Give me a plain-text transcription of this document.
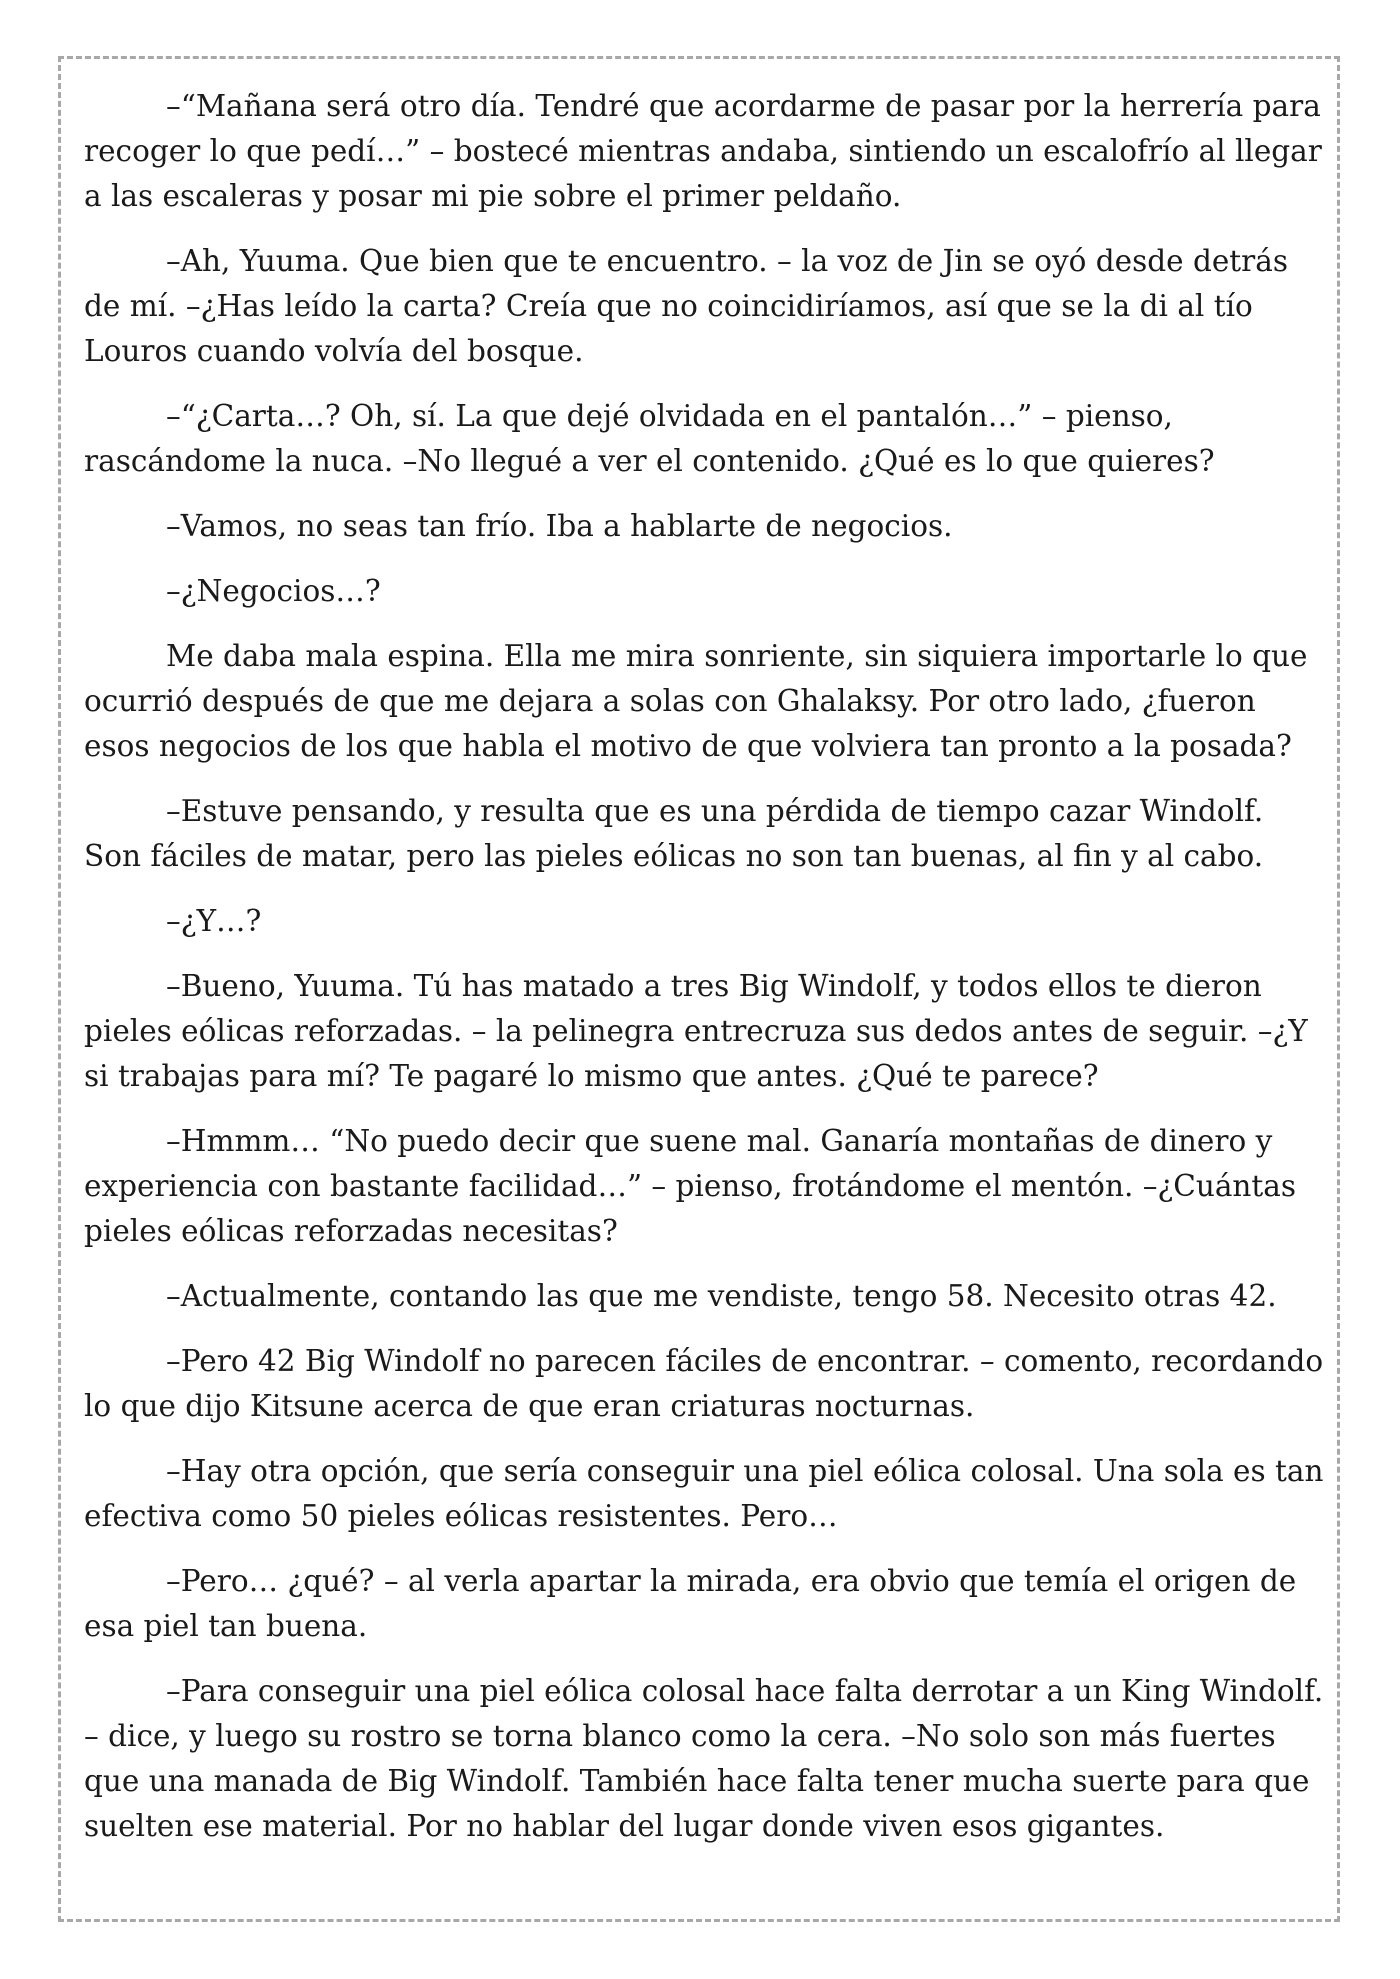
–“Mañana será otro día. Tendré que acordarme de pasar por la herrería para recoger lo que pedí…” – bostecé mientras andaba, sintiendo un escalofrío al llegar a las escaleras y posar mi pie sobre el primer peldaño.

–Ah, Yuuma. Que bien que te encuentro. – la voz de Jin se oyó desde detrás de mí. –¿Has leído la carta? Creía que no coincidiríamos, así que se la di al tío Louros cuando volvía del bosque.

–“¿Carta…? Oh, sí. La que dejé olvidada en el pantalón…” – pienso, rascándome la nuca. –No llegué a ver el contenido. ¿Qué es lo que quieres?

–Vamos, no seas tan frío. Iba a hablarte de negocios.

–¿Negocios…?

Me daba mala espina. Ella me mira sonriente, sin siquiera importarle lo que ocurrió después de que me dejara a solas con Ghalaksy. Por otro lado, ¿fueron esos negocios de los que habla el motivo de que volviera tan pronto a la posada?

–Estuve pensando, y resulta que es una pérdida de tiempo cazar Windolf. Son fáciles de matar, pero las pieles eólicas no son tan buenas, al fin y al cabo.

–¿Y…?

–Bueno, Yuuma. Tú has matado a tres Big Windolf, y todos ellos te dieron pieles eólicas reforzadas. – la pelinegra entrecruza sus dedos antes de seguir. –¿Y si trabajas para mí? Te pagaré lo mismo que antes. ¿Qué te parece?

–Hmmm… “No puedo decir que suene mal. Ganaría montañas de dinero y experiencia con bastante facilidad…” – pienso, frotándome el mentón. –¿Cuántas pieles eólicas reforzadas necesitas?

–Actualmente, contando las que me vendiste, tengo 58. Necesito otras 42.

–Pero 42 Big Windolf no parecen fáciles de encontrar. – comento, recordando lo que dijo Kitsune acerca de que eran criaturas nocturnas.

–Hay otra opción, que sería conseguir una piel eólica colosal. Una sola es tan efectiva como 50 pieles eólicas resistentes. Pero…

–Pero… ¿qué? – al verla apartar la mirada, era obvio que temía el origen de esa piel tan buena.

–Para conseguir una piel eólica colosal hace falta derrotar a un King Windolf. – dice, y luego su rostro se torna blanco como la cera. –No solo son más fuertes que una manada de Big Windolf. También hace falta tener mucha suerte para que suelten ese material. Por no hablar del lugar donde viven esos gigantes.
